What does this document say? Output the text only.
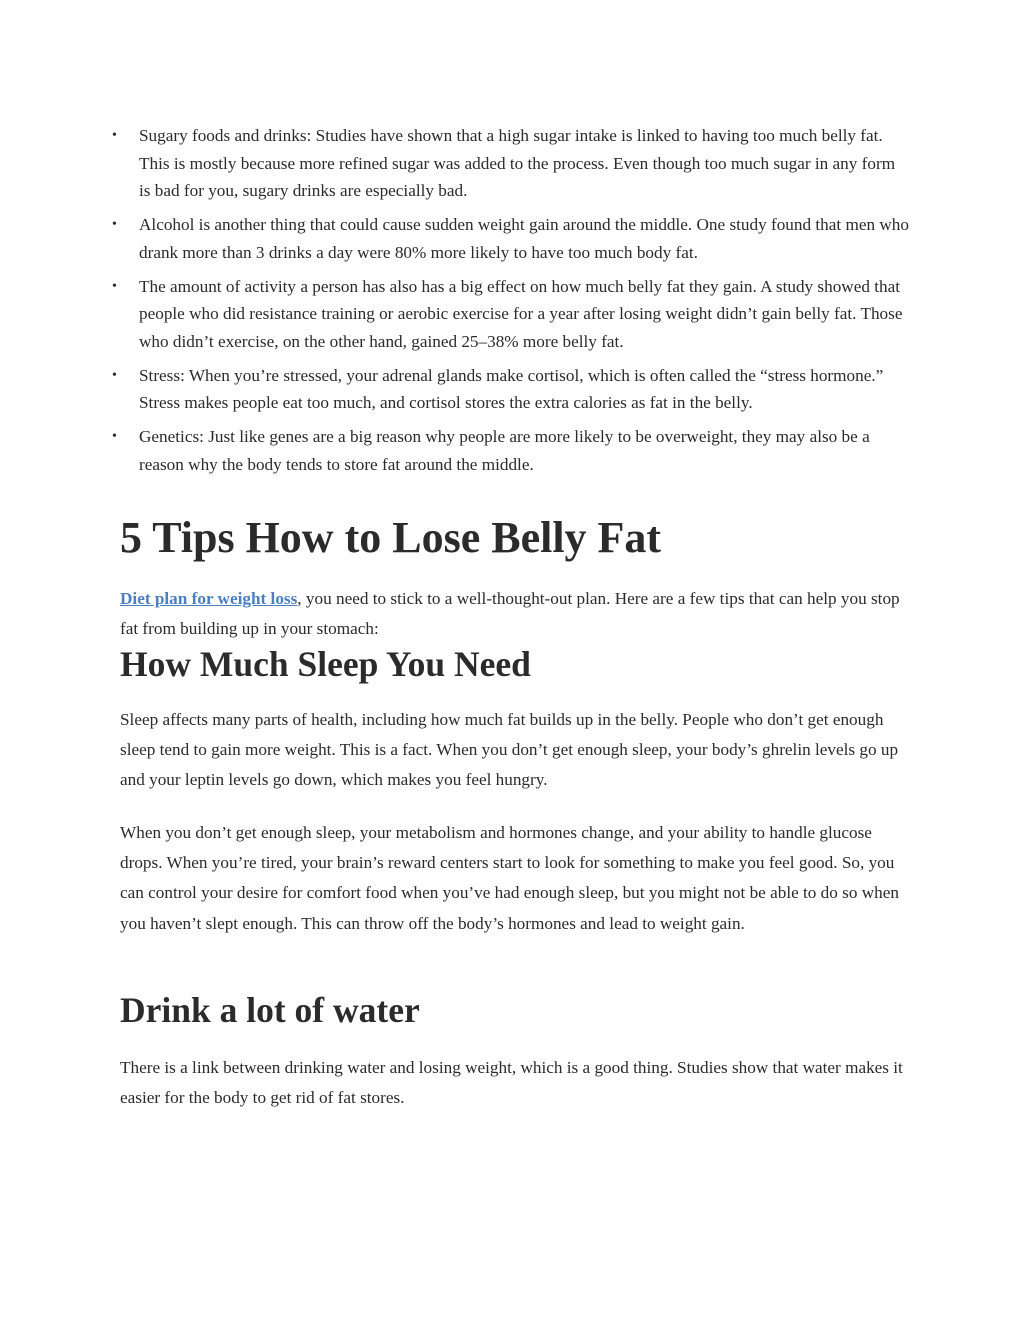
• Sugary foods and drinks: Studies have shown that a high sugar intake is linked to having too much belly fat. This is mostly because more refined sugar was added to the process. Even though too much sugar in any form is bad for you, sugary drinks are especially bad.
• Alcohol is another thing that could cause sudden weight gain around the middle. One study found that men who drank more than 3 drinks a day were 80% more likely to have too much body fat.
• The amount of activity a person has also has a big effect on how much belly fat they gain. A study showed that people who did resistance training or aerobic exercise for a year after losing weight didn’t gain belly fat. Those who didn’t exercise, on the other hand, gained 25–38% more belly fat.
• Stress: When you’re stressed, your adrenal glands make cortisol, which is often called the “stress hormone.” Stress makes people eat too much, and cortisol stores the extra calories as fat in the belly.
• Genetics: Just like genes are a big reason why people are more likely to be overweight, they may also be a reason why the body tends to store fat around the middle.
5 Tips How to Lose Belly Fat

Diet plan for weight loss, you need to stick to a well-thought-out plan. Here are a few tips that can help you stop fat from building up in your stomach:

How Much Sleep You Need

Sleep affects many parts of health, including how much fat builds up in the belly. People who don’t get enough sleep tend to gain more weight. This is a fact. When you don’t get enough sleep, your body’s ghrelin levels go up and your leptin levels go down, which makes you feel hungry.

When you don’t get enough sleep, your metabolism and hormones change, and your ability to handle glucose drops. When you’re tired, your brain’s reward centers start to look for something to make you feel good. So, you can control your desire for comfort food when you’ve had enough sleep, but you might not be able to do so when you haven’t slept enough. This can throw off the body’s hormones and lead to weight gain.

Drink a lot of water

There is a link between drinking water and losing weight, which is a good thing. Studies show that water makes it easier for the body to get rid of fat stores.
